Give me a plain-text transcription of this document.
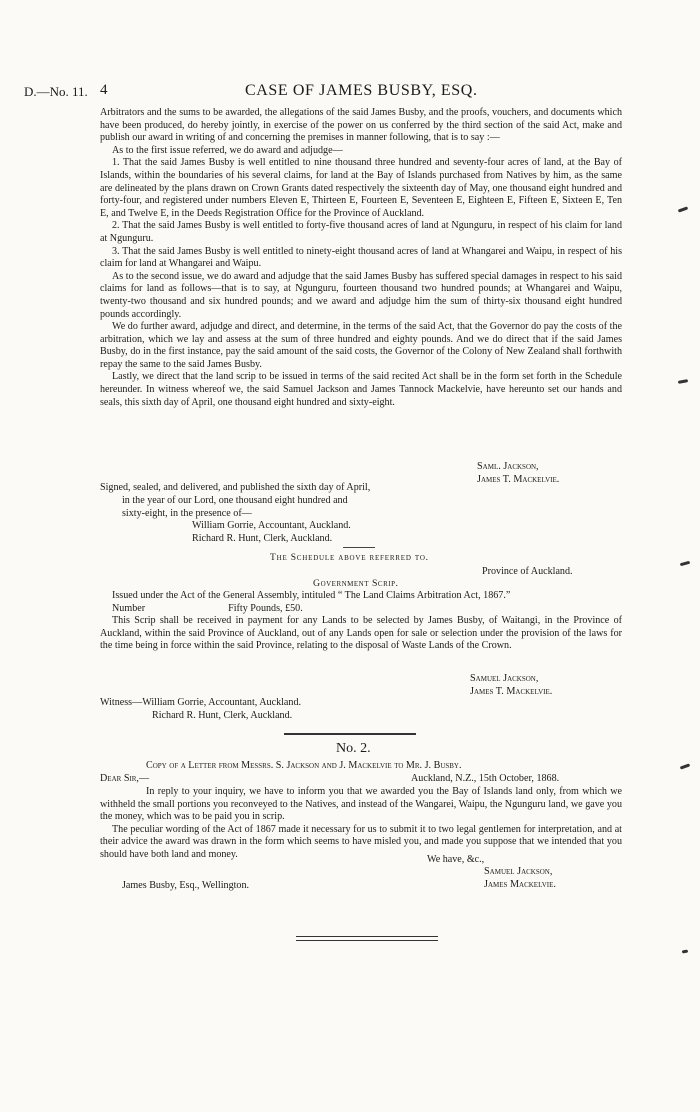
D.—No. 11. 4	CASE OF JAMES BUSBY, ESQ.

Arbitrators and the sums to be awarded, the allegations of the said James Busby, and the proofs, vouchers, and documents which have been produced, do hereby jointly, in exercise of the power on us conferred by the third section of the said Act, make and publish our award in writing of and concerning the premises in manner following, that is to say :—

As to the first issue referred, we do award and adjudge—

1. That the said James Busby is well entitled to nine thousand three hundred and seventy-four acres of land, at the Bay of Islands, within the boundaries of his several claims, for land at the Bay of Islands purchased from Natives by him, as the same are delineated by the plans drawn on Crown Grants dated respectively the sixteenth day of May, one thousand eight hundred and forty-four, and registered under numbers Eleven E, Thirteen E, Fourteen E, Seventeen E, Eighteen E, Fifteen E, Sixteen E, Ten E, and Twelve E, in the Deeds Registration Office for the Province of Auckland.

2. That the said James Busby is well entitled to forty-five thousand acres of land at Ngunguru, in respect of his claim for land at Ngunguru.

3. That the said James Busby is well entitled to ninety-eight thousand acres of land at Whangarei and Waipu, in respect of his claim for land at Whangarei and Waipu.

As to the second issue, we do award and adjudge that the said James Busby has suffered special damages in respect to his said claims for land as follows—that is to say, at Ngunguru, fourteen thousand two hundred pounds; at Whangarei and Waipu, twenty-two thousand and six hundred pounds; and we award and adjudge him the sum of thirty-six thousand eight hundred pounds accordingly.

We do further award, adjudge and direct, and determine, in the terms of the said Act, that the Governor do pay the costs of the arbitration, which we lay and assess at the sum of three hundred and eighty pounds. And we do direct that if the said James Busby, do in the first instance, pay the said amount of the said costs, the Governor of the Colony of New Zealand shall forthwith repay the same to the said James Busby.

Lastly, we direct that the land scrip to be issued in terms of the said recited Act shall be in the form set forth in the Schedule hereunder. In witness whereof we, the said Samuel Jackson and James Tannock Mackelvie, have hereunto set our hands and seals, this sixth day of April, one thousand eight hundred and sixty-eight.

Saml. Jackson,
James T. Mackelvie.
Signed, sealed, and delivered, and published the sixth day of April,
in the year of our Lord, one thousand eight hundred and
sixty-eight, in the presence of—
William Gorrie, Accountant, Auckland.
Richard R. Hunt, Clerk, Auckland.
The Schedule above referred to.
Province of Auckland.
Government Scrip.

Issued under the Act of the General Assembly, intituled “ The Land Claims Arbitration Act, 1867.”

Number	Fifty Pounds, £50.

This Scrip shall be received in payment for any Lands to be selected by James Busby, of Waitangi, in the Province of Auckland, within the said Province of Auckland, out of any Lands open for sale or selection under the provision of the laws for the time being in force within the said Province, relating to the disposal of Waste Lands of the Crown.

Samuel Jackson,
James T. Mackelvie.
Witness—William Gorrie, Accountant, Auckland.
Richard R. Hunt, Clerk, Auckland.
No. 2.
Copy of a Letter from Messrs. S. Jackson and J. Mackelvie to Mr. J. Busby.
Dear Sir,—	Auckland, N.Z., 15th October, 1868.

In reply to your inquiry, we have to inform you that we awarded you the Bay of Islands land only, from which we withheld the small portions you reconveyed to the Natives, and instead of the Wangarei, Waipu, the Ngunguru land, we gave you the money, which was to be paid you in scrip.

The peculiar wording of the Act of 1867 made it necessary for us to submit it to two legal gentlemen for interpretation, and at their advice the award was drawn in the form which seems to have misled you, and made you suppose that we intended that you should have both land and money.	We have, &c.,
Samuel Jackson,
James Mackelvie.
James Busby, Esq., Wellington.
